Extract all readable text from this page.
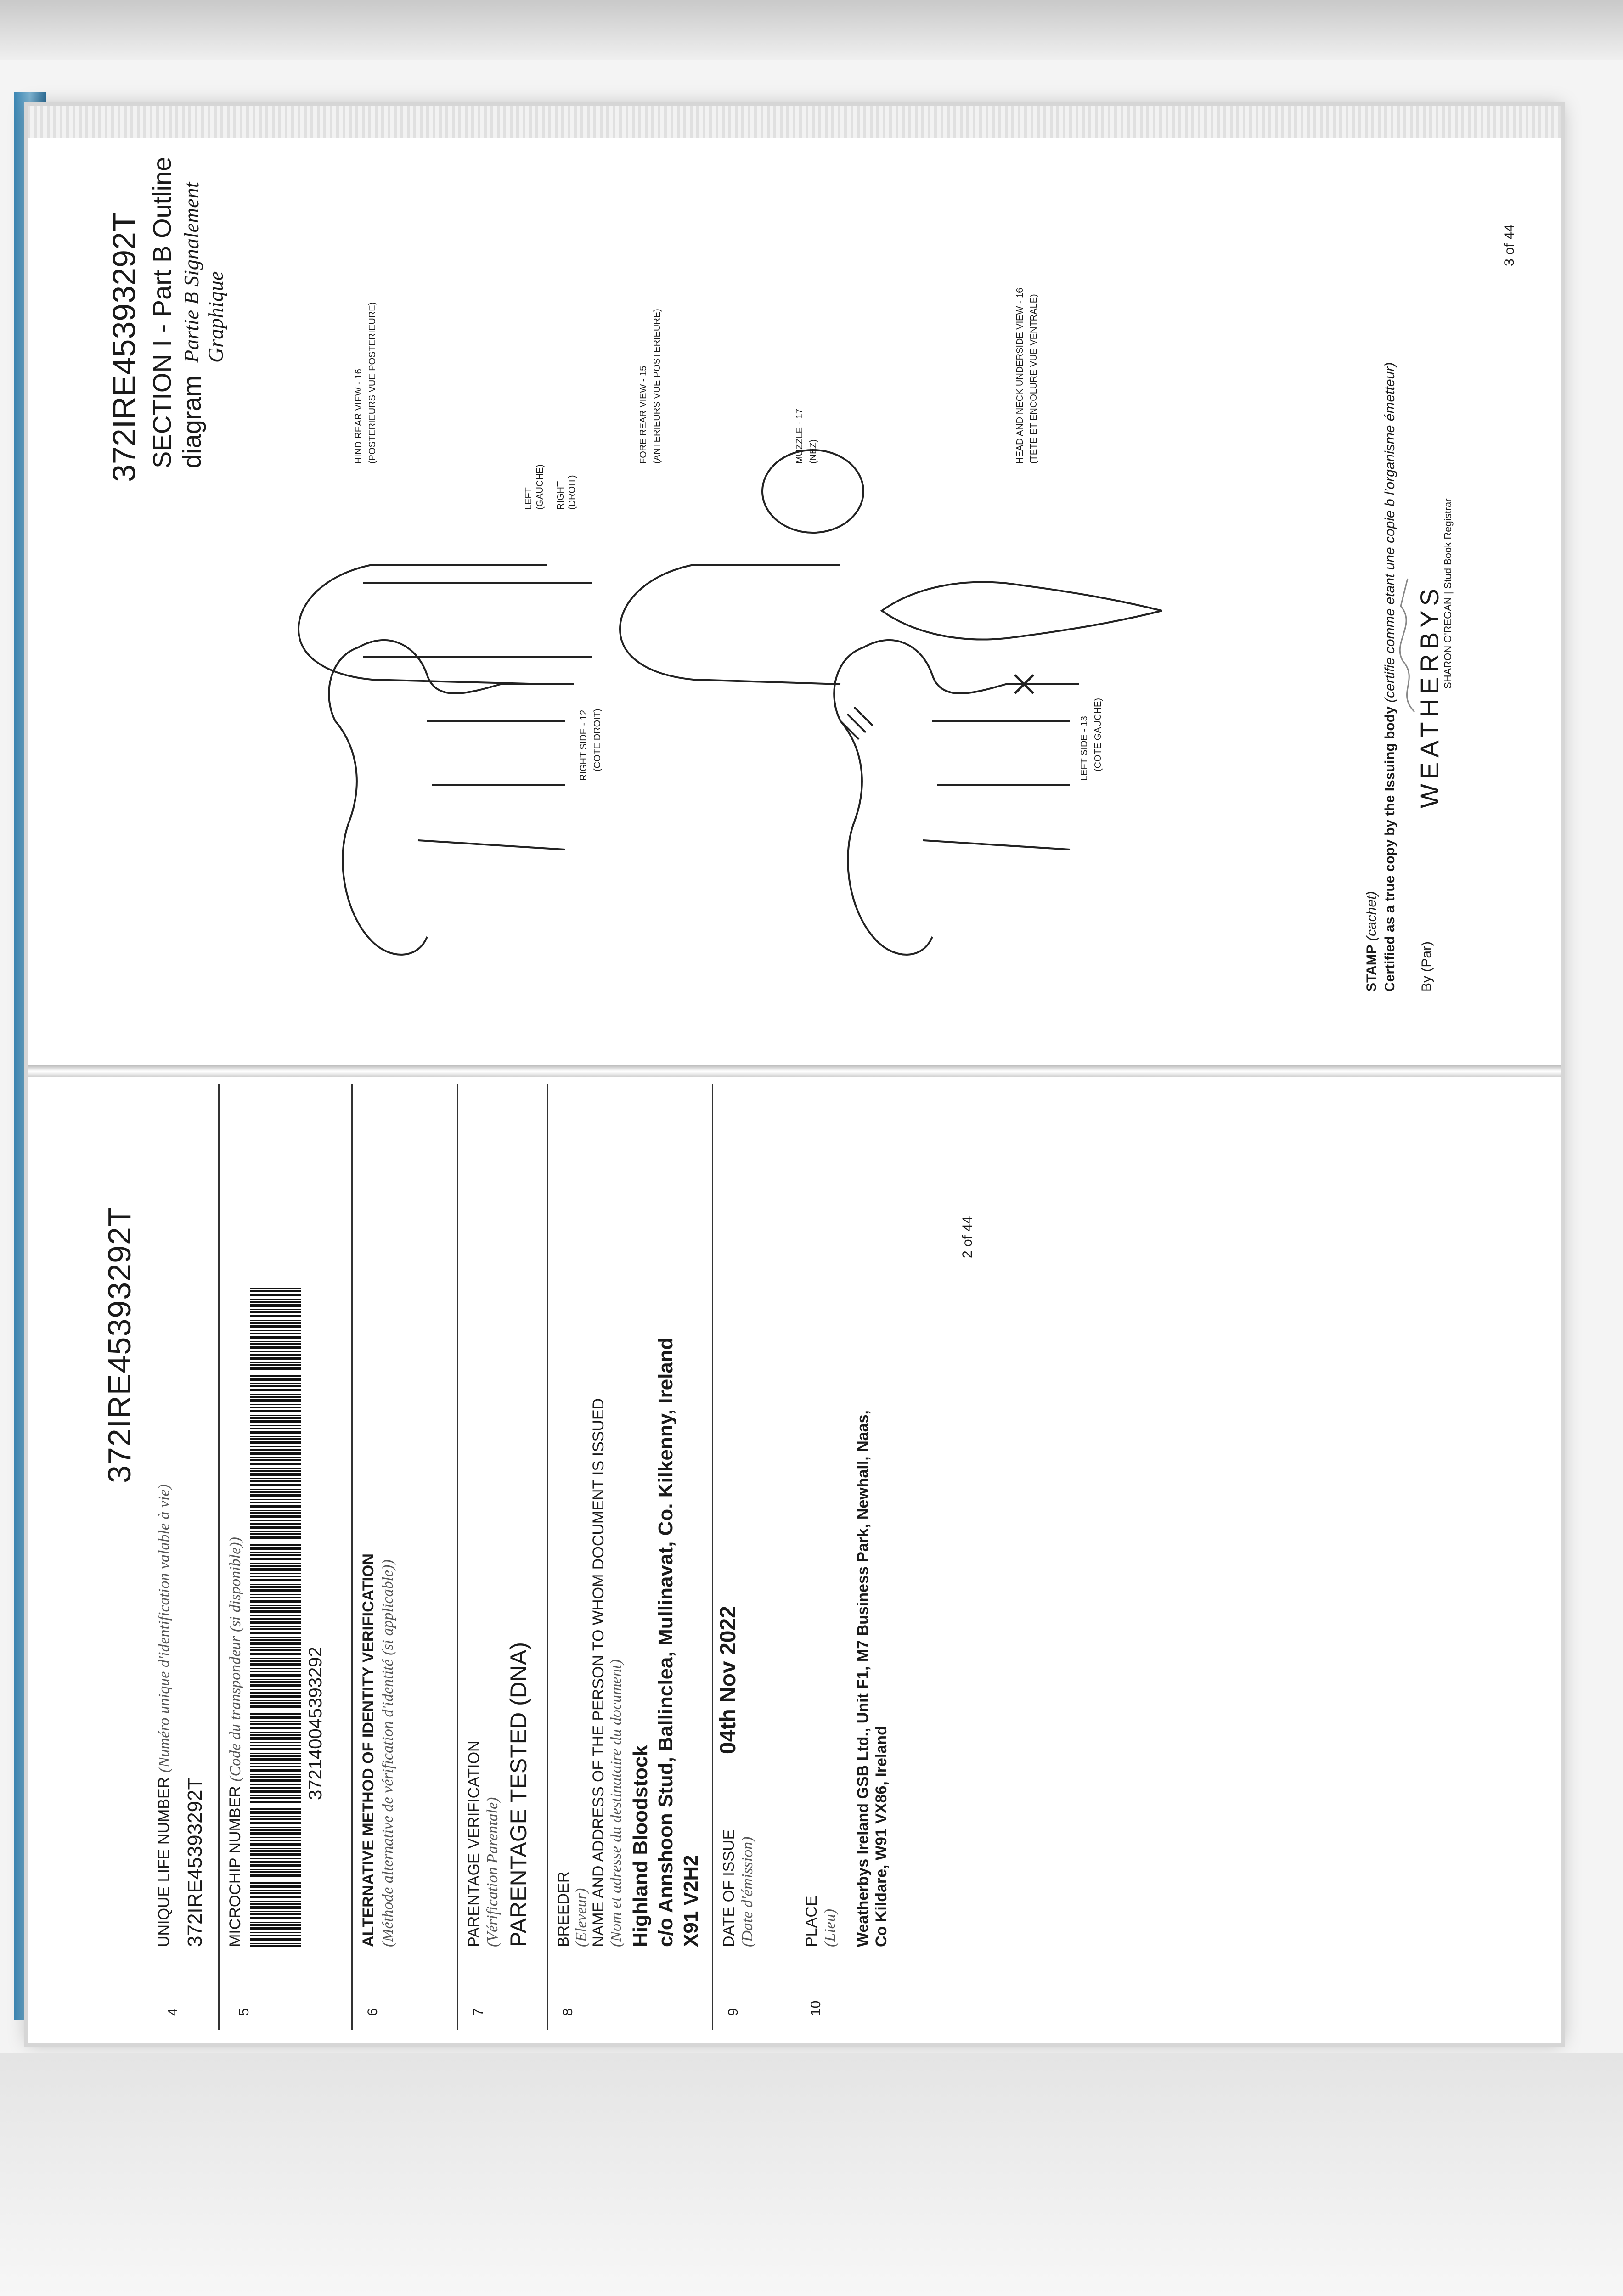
372IRE45393292T
4
UNIQUE LIFE NUMBER (Numéro unique d'identification valable à vie)
372IRE45393292T
5
MICROCHIP NUMBER (Code du transpondeur (si disponible))	372140045393292
6
ALTERNATIVE METHOD OF IDENTITY VERIFICATION (Méthode alternative de vérification d'identité (si applicable))
7
PARENTAGE VERIFICATION (Vérification Parentale) PARENTAGE TESTED (DNA)
8
BREEDER (Eleveur) NAME AND ADDRESS OF THE PERSON TO WHOM DOCUMENT IS ISSUED (Nom et adresse du destinataire du document) Highland Bloodstock c/o Annshoon Stud, Ballinclea, Mullinavat, Co. Kilkenny, Ireland X91 V2H2
9
DATE OF ISSUE (Date d'émission)
04th Nov 2022
10
PLACE (Lieu) Weatherbys Ireland GSB Ltd., Unit F1, M7 Business Park, Newhall, Naas, Co Kildare, W91 VX86, Ireland
2 of 44
372IRE45393292T SECTION I - Part B Outline diagram
Partie B Signalement Graphique
RIGHT SIDE - 12 (COTE DROIT)	LEFT SIDE - 13 (COTE GAUCHE)
HIND REAR VIEW - 16 (POSTERIEURS VUE POSTERIEURE)	FORE REAR VIEW - 15 (ANTERIEURS VUE POSTERIEURE)	MUZZLE - 17 (NEZ)	HEAD AND NECK UNDERSIDE VIEW - 16 (TETE ET ENCOLURE VUE VENTRALE)
LEFT (GAUCHE) RIGHT (DROIT)
STAMP (cachet) Certified as a true copy by the Issuing body (certifie comme etant une copie b l'organisme émetteur)
By (Par)
WEATHERBYS
SHARON O'REGAN | Stud Book Registrar
3 of 44
